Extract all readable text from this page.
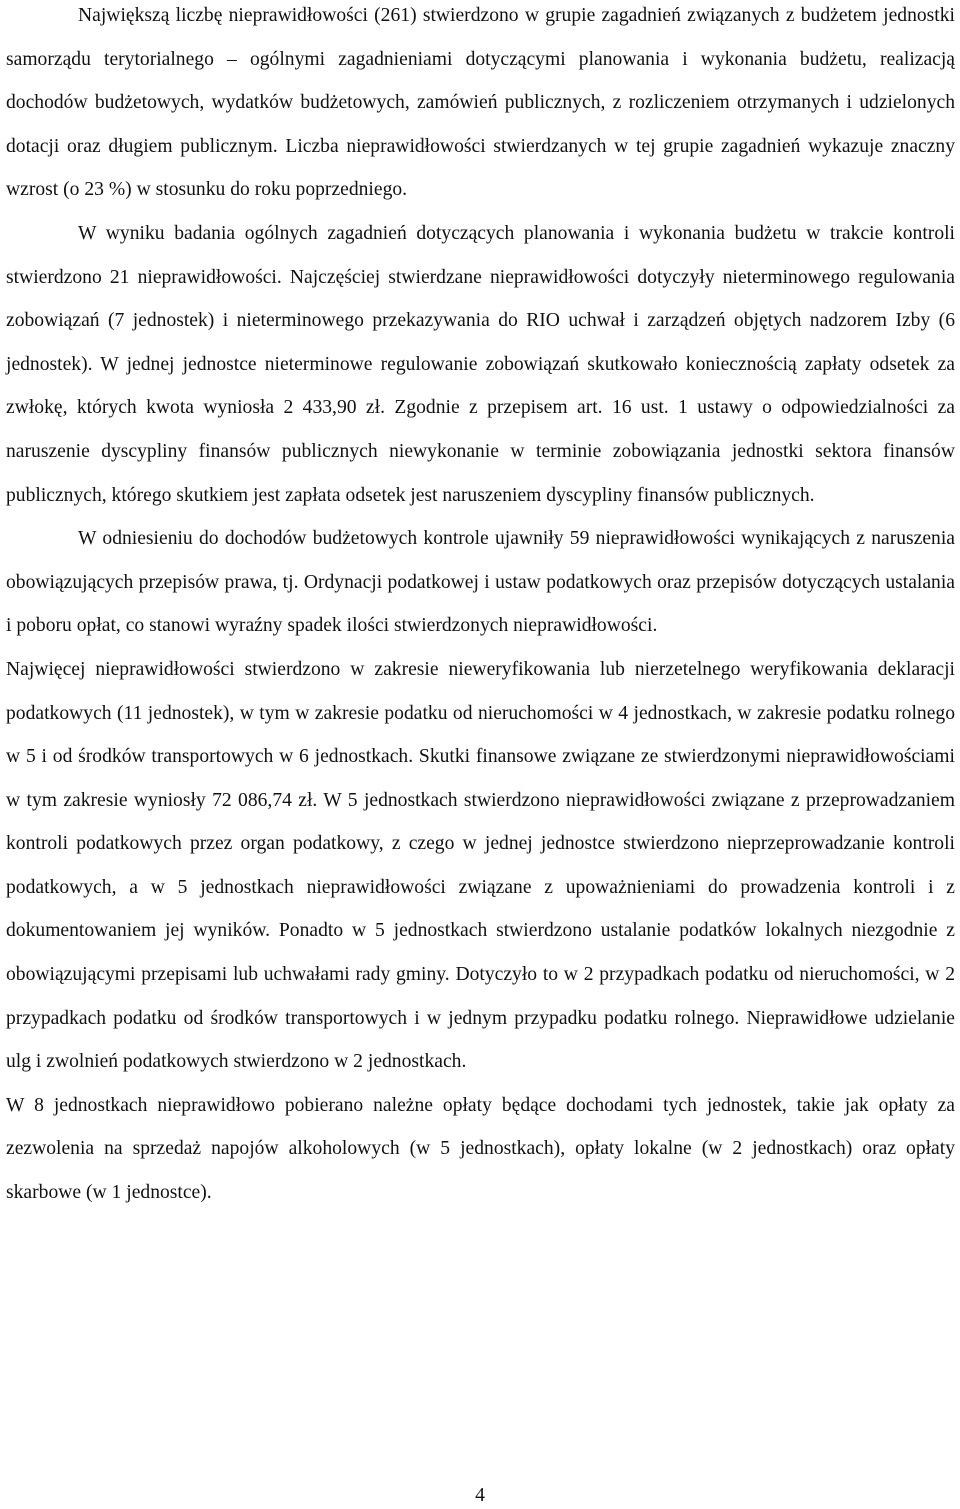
Największą liczbę nieprawidłowości (261) stwierdzono w grupie zagadnień związanych z budżetem jednostki samorządu terytorialnego – ogólnymi zagadnieniami dotyczącymi planowania i wykonania budżetu, realizacją dochodów budżetowych, wydatków budżetowych, zamówień publicznych, z rozliczeniem otrzymanych i udzielonych dotacji oraz długiem publicznym. Liczba nieprawidłowości stwierdzanych w tej grupie zagadnień wykazuje znaczny wzrost (o 23 %) w stosunku do roku poprzedniego.

W wyniku badania ogólnych zagadnień dotyczących planowania i wykonania budżetu w trakcie kontroli stwierdzono 21 nieprawidłowości. Najczęściej stwierdzane nieprawidłowości dotyczyły nieterminowego regulowania zobowiązań (7 jednostek) i nieterminowego przekazywania do RIO uchwał i zarządzeń objętych nadzorem Izby (6 jednostek). W jednej jednostce nieterminowe regulowanie zobowiązań skutkowało koniecznością zapłaty odsetek za zwłokę, których kwota wyniosła 2 433,90 zł. Zgodnie z przepisem art. 16 ust. 1 ustawy o odpowiedzialności za naruszenie dyscypliny finansów publicznych niewykonanie w terminie zobowiązania jednostki sektora finansów publicznych, którego skutkiem jest zapłata odsetek jest naruszeniem dyscypliny finansów publicznych.

W odniesieniu do dochodów budżetowych kontrole ujawniły 59 nieprawidłowości wynikających z naruszenia obowiązujących przepisów prawa, tj. Ordynacji podatkowej i ustaw podatkowych oraz przepisów dotyczących ustalania i poboru opłat, co stanowi wyraźny spadek ilości stwierdzonych nieprawidłowości.

Najwięcej nieprawidłowości stwierdzono w zakresie nieweryfikowania lub nierzetelnego weryfikowania deklaracji podatkowych (11 jednostek), w tym w zakresie podatku od nieruchomości w 4 jednostkach, w zakresie podatku rolnego w 5 i od środków transportowych w 6 jednostkach. Skutki finansowe związane ze stwierdzonymi nieprawidłowościami w tym zakresie wyniosły 72 086,74 zł. W 5 jednostkach stwierdzono nieprawidłowości związane z przeprowadzaniem kontroli podatkowych przez organ podatkowy, z czego w jednej jednostce stwierdzono nieprzeprowadzanie kontroli podatkowych, a w 5 jednostkach nieprawidłowości związane z upoważnieniami do prowadzenia kontroli i z dokumentowaniem jej wyników. Ponadto w 5 jednostkach stwierdzono ustalanie podatków lokalnych niezgodnie z obowiązującymi przepisami lub uchwałami rady gminy. Dotyczyło to w 2 przypadkach podatku od nieruchomości, w 2 przypadkach podatku od środków transportowych i w jednym przypadku podatku rolnego. Nieprawidłowe udzielanie ulg i zwolnień podatkowych stwierdzono w 2 jednostkach.

W 8 jednostkach nieprawidłowo pobierano należne opłaty będące dochodami tych jednostek, takie jak opłaty za zezwolenia na sprzedaż napojów alkoholowych (w 5 jednostkach), opłaty lokalne (w 2 jednostkach) oraz opłaty skarbowe (w 1 jednostce).

4
